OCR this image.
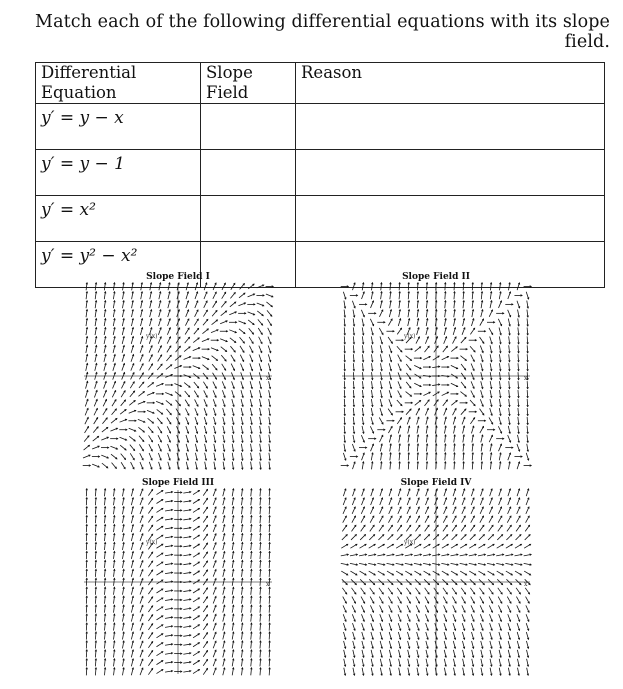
Match each of the following differential equations with its slope field.
Differential Equation	Slope Field	Reason
y′ = y − x		
y′ = y − 1		
y′ = x²		
y′ = y² − x²		
Slope Field I
y(x)
x
Slope Field II
y(x)
x
Slope Field III
y(x)
x
Slope Field IV
y(x)
x
